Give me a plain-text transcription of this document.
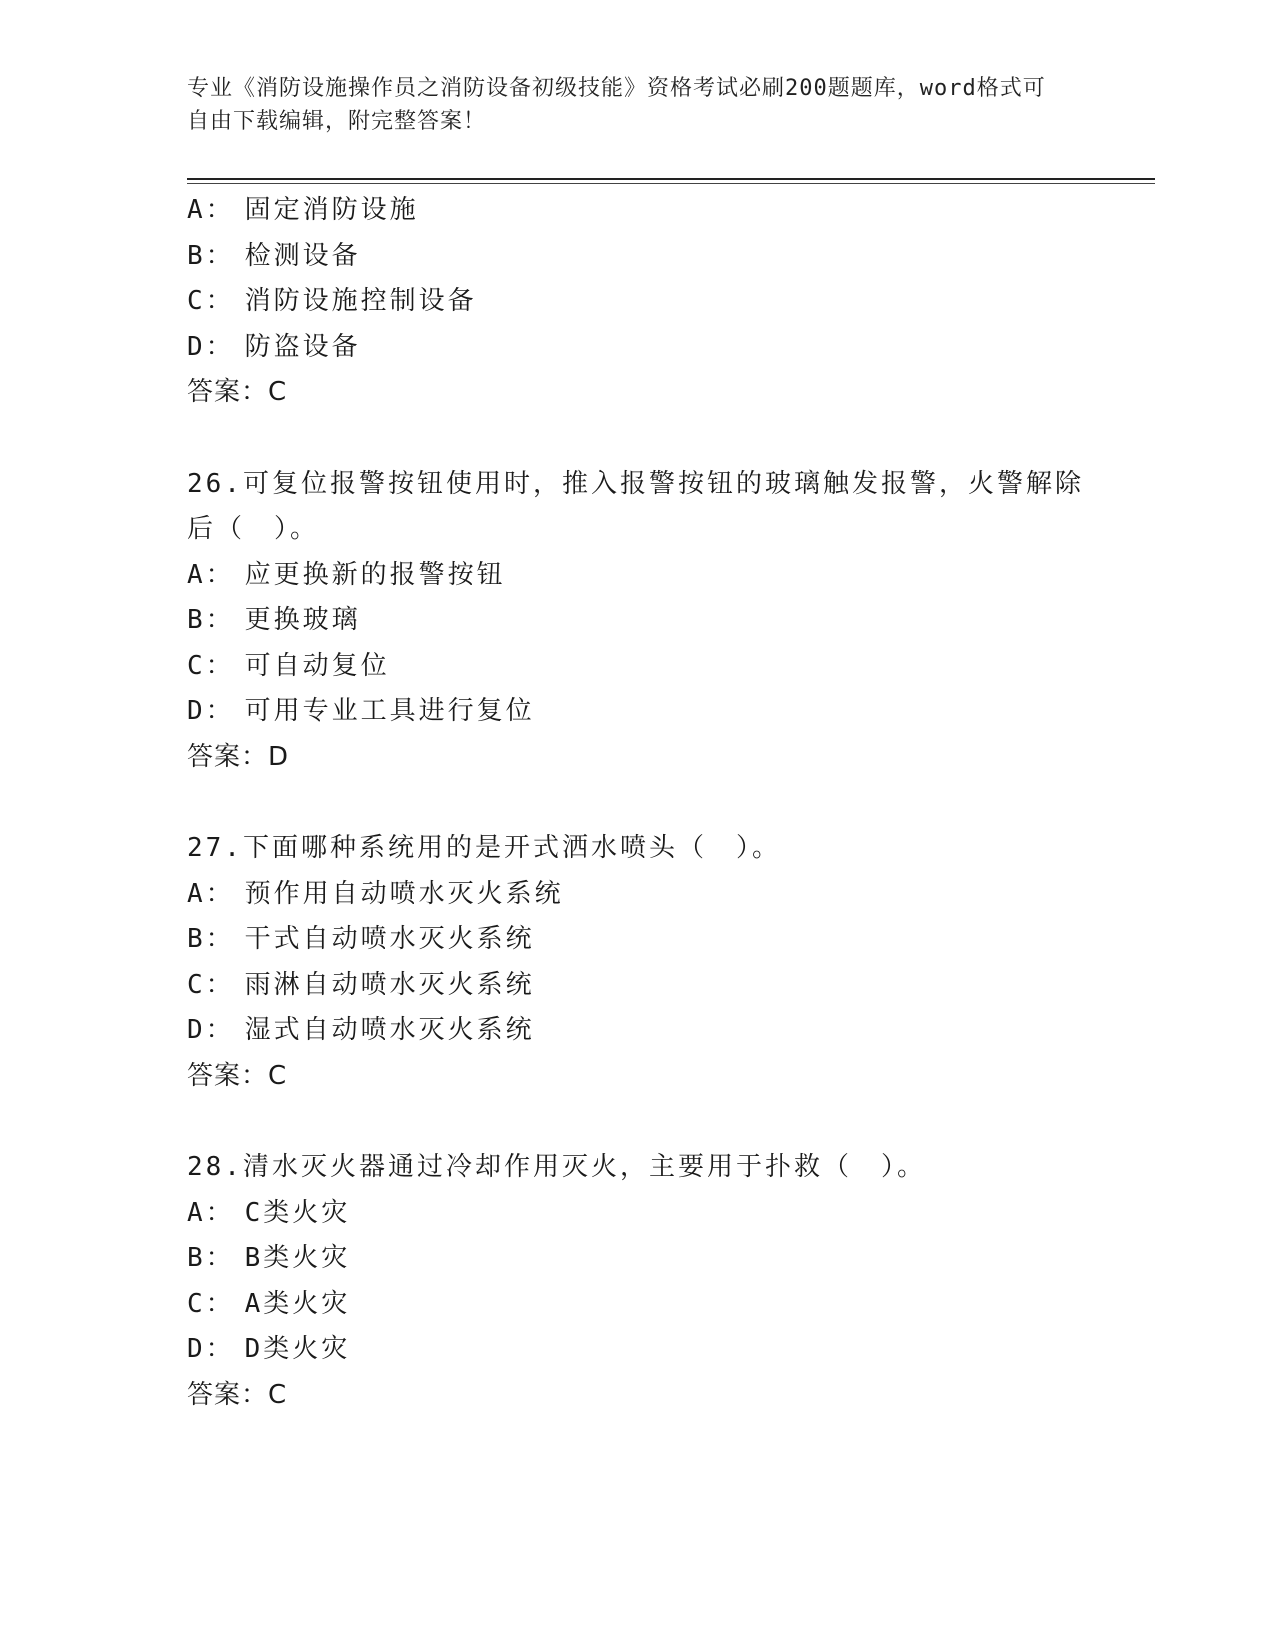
专业《消防设施操作员之消防设备初级技能》资格考试必刷200题题库，word格式可自由下载编辑，附完整答案！
A： 固定消防设施
B： 检测设备
C： 消防设施控制设备
D： 防盗设备
答案：C
26.可复位报警按钮使用时，推入报警按钮的玻璃触发报警，火警解除后（　）。
A： 应更换新的报警按钮
B： 更换玻璃
C： 可自动复位
D： 可用专业工具进行复位
答案：D
27.下面哪种系统用的是开式洒水喷头（　）。
A： 预作用自动喷水灭火系统
B： 干式自动喷水灭火系统
C： 雨淋自动喷水灭火系统
D： 湿式自动喷水灭火系统
答案：C
28.清水灭火器通过冷却作用灭火，主要用于扑救（　）。
A： C类火灾
B： B类火灾
C： A类火灾
D： D类火灾
答案：C
